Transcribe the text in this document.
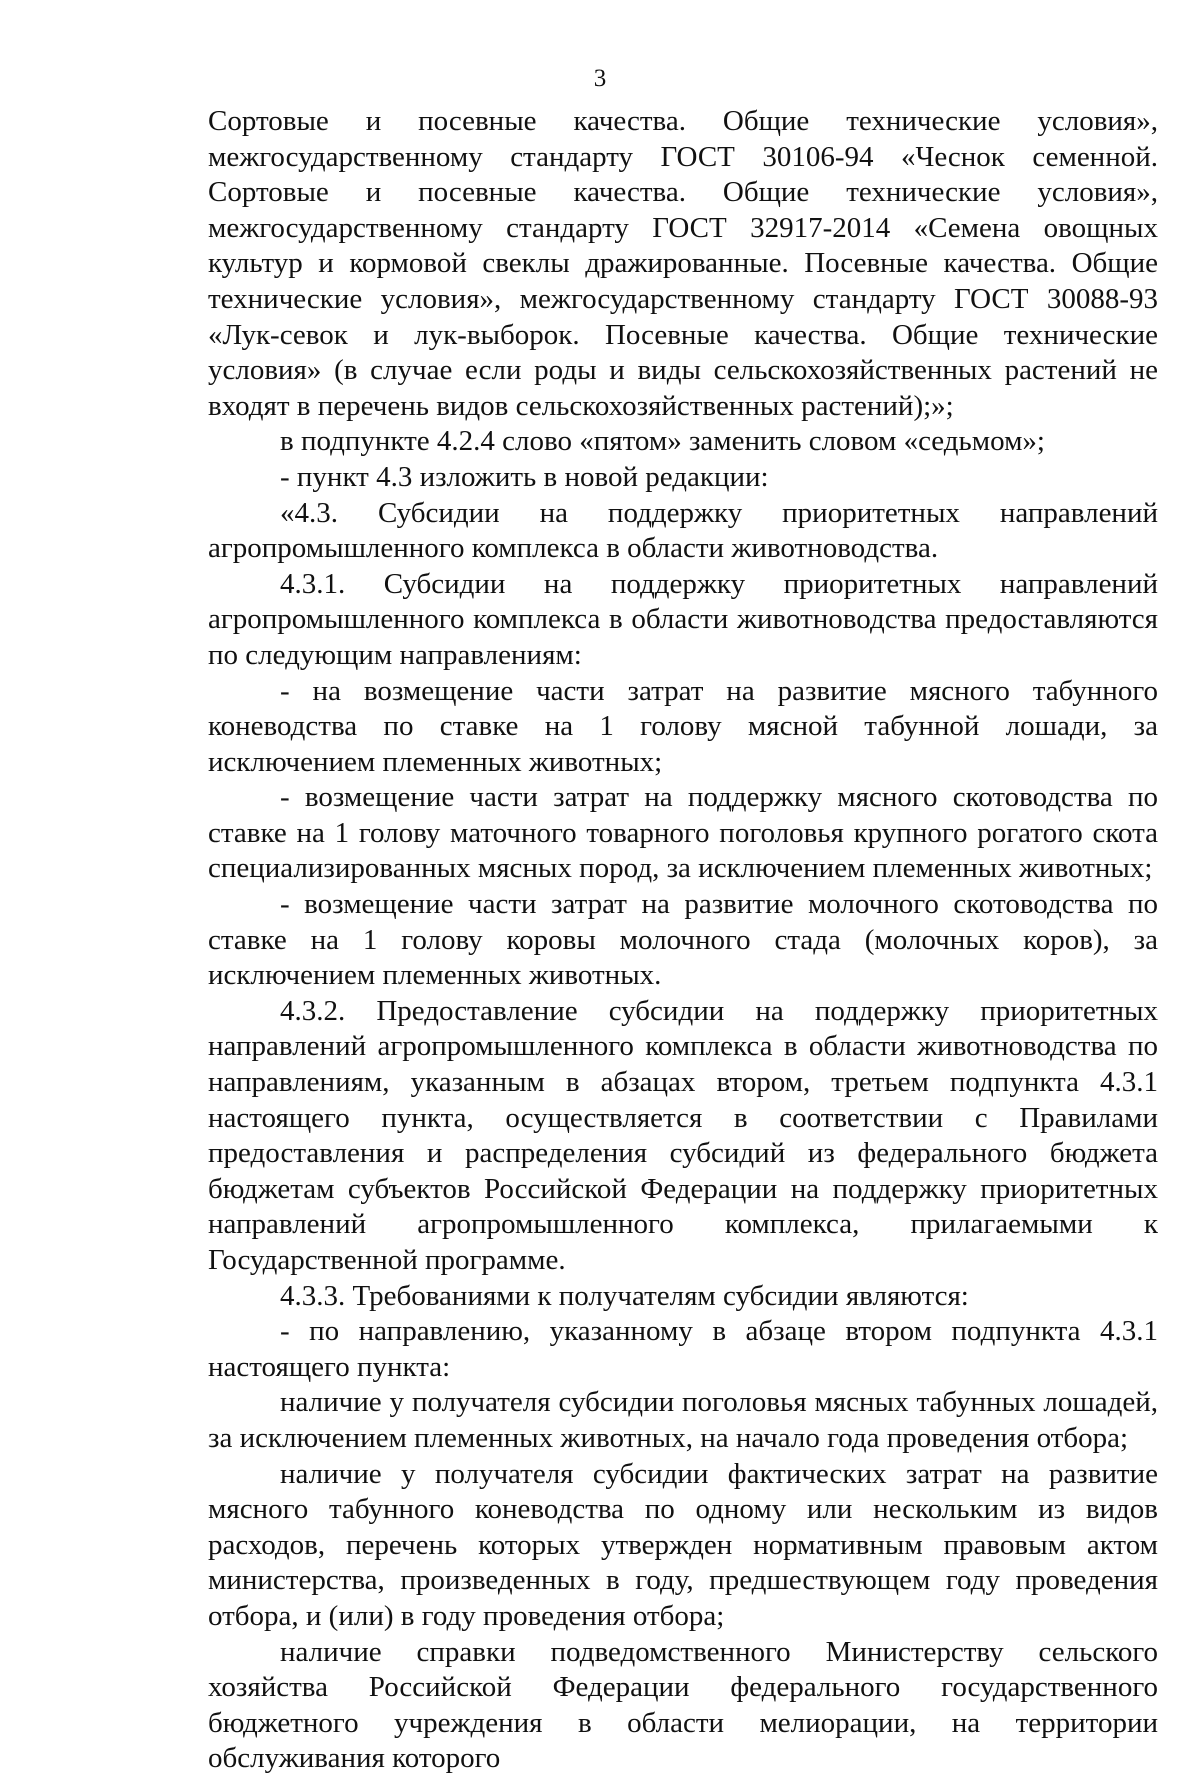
3

Сортовые и посевные качества. Общие технические условия», межгосударственному стандарту ГОСТ 30106-94 «Чеснок семенной. Сортовые и посевные качества. Общие технические условия», межгосударственному стандарту ГОСТ 32917-2014 «Семена овощных культур и кормовой свеклы дражированные. Посевные качества. Общие технические условия», межгосударственному стандарту ГОСТ 30088-93 «Лук-севок и лук-выборок. Посевные качества. Общие технические условия» (в случае если роды и виды сельскохозяйственных растений не входят в перечень видов сельскохозяйственных растений);»;

в подпункте 4.2.4 слово «пятом» заменить словом «седьмом»;

- пункт 4.3 изложить в новой редакции:

«4.3. Субсидии на поддержку приоритетных направлений агропромышленного комплекса в области животноводства.

4.3.1. Субсидии на поддержку приоритетных направлений агропромышленного комплекса в области животноводства предоставляются по следующим направлениям:

- на возмещение части затрат на развитие мясного табунного коневодства по ставке на 1 голову мясной табунной лошади, за исключением племенных животных;

- возмещение части затрат на поддержку мясного скотоводства по ставке на 1 голову маточного товарного поголовья крупного рогатого скота специализированных мясных пород, за исключением племенных животных;

- возмещение части затрат на развитие молочного скотоводства по ставке на 1 голову коровы молочного стада (молочных коров), за исключением племенных животных.

4.3.2. Предоставление субсидии на поддержку приоритетных направлений агропромышленного комплекса в области животноводства по направлениям, указанным в абзацах втором, третьем подпункта 4.3.1 настоящего пункта, осуществляется в соответствии с Правилами предоставления и распределения субсидий из федерального бюджета бюджетам субъектов Российской Федерации на поддержку приоритетных направлений агропромышленного комплекса, прилагаемыми к Государственной программе.

4.3.3. Требованиями к получателям субсидии являются:

- по направлению, указанному в абзаце втором подпункта 4.3.1 настоящего пункта:

наличие у получателя субсидии поголовья мясных табунных лошадей, за исключением племенных животных, на начало года проведения отбора;

наличие у получателя субсидии фактических затрат на развитие мясного табунного коневодства по одному или нескольким из видов расходов, перечень которых утвержден нормативным правовым актом министерства, произведенных в году, предшествующем году проведения отбора, и (или) в году проведения отбора;

наличие справки подведомственного Министерству сельского хозяйства Российской Федерации федерального государственного бюджетного учреждения в области мелиорации, на территории обслуживания которого
